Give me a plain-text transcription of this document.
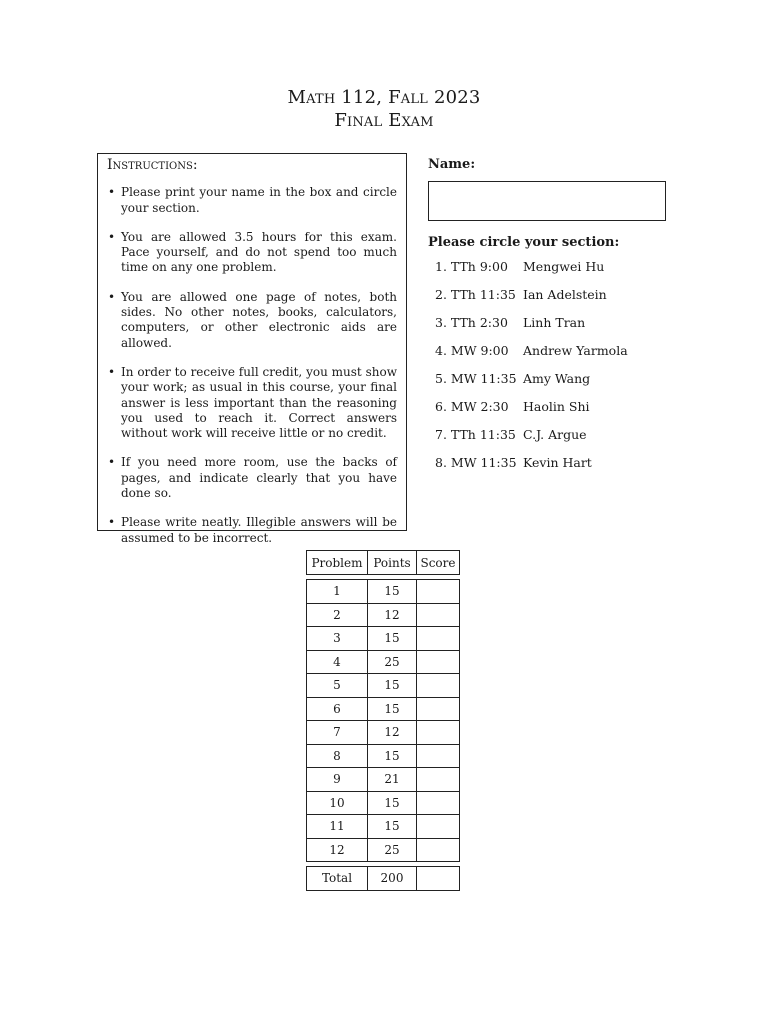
Math 112, Fall 2023
Final Exam
Instructions:
• Please print your name in the box and circle your section.
• You are allowed 3.5 hours for this exam. Pace yourself, and do not spend too much time on any one problem.
• You are allowed one page of notes, both sides. No other notes, books, calculators, computers, or other electronic aids are allowed.
• In order to receive full credit, you must show your work; as usual in this course, your final answer is less important than the reasoning you used to reach it. Correct answers without work will receive little or no credit.
• If you need more room, use the backs of pages, and indicate clearly that you have done so.
• Please write neatly. Illegible answers will be assumed to be incorrect.
Name:
Please circle your section:
1. TTh 9:00 Mengwei Hu
2. TTh 11:35 Ian Adelstein
3. TTh 2:30 Linh Tran
4. MW 9:00 Andrew Yarmola
5. MW 11:35 Amy Wang
6. MW 2:30 Haolin Shi
7. TTh 11:35 C.J. Argue
8. MW 11:35 Kevin Hart
Problem	Points	Score

1	15	
2	12	
3	15	
4	25	
5	15	
6	15	
7	12	
8	15	
9	21	
10	15	
11	15	
12	25	

Total	200	
